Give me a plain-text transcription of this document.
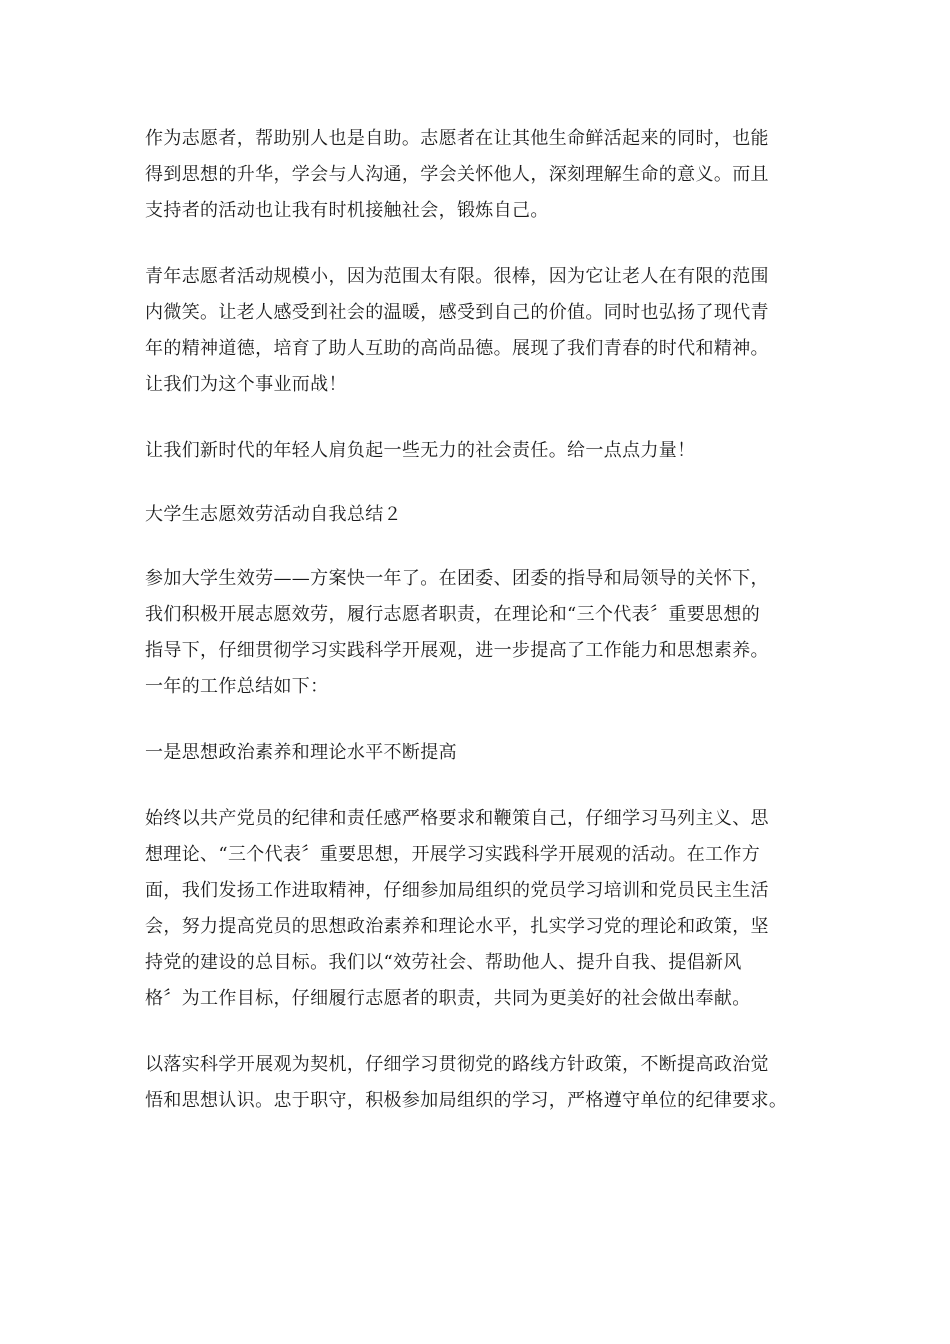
作为志愿者，帮助别人也是自助。志愿者在让其他生命鲜活起来的同时，也能
得到思想的升华，学会与人沟通，学会关怀他人，深刻理解生命的意义。而且
支持者的活动也让我有时机接触社会，锻炼自己。
青年志愿者活动规模小，因为范围太有限。很棒，因为它让老人在有限的范围
内微笑。让老人感受到社会的温暖，感受到自己的价值。同时也弘扬了现代青
年的精神道德，培育了助人互助的高尚品德。展现了我们青春的时代和精神。
让我们为这个事业而战！
让我们新时代的年轻人肩负起一些无力的社会责任。给一点点力量！
大学生志愿效劳活动自我总结２
参加大学生效劳——方案快一年了。在团委、团委的指导和局领导的关怀下，
我们积极开展志愿效劳，履行志愿者职责，在理论和“三个代表〞重要思想的
指导下，仔细贯彻学习实践科学开展观，进一步提高了工作能力和思想素养。
一年的工作总结如下：
一是思想政治素养和理论水平不断提高
始终以共产党员的纪律和责任感严格要求和鞭策自己，仔细学习马列主义、思
想理论、“三个代表〞重要思想，开展学习实践科学开展观的活动。在工作方
面，我们发扬工作进取精神，仔细参加局组织的党员学习培训和党员民主生活
会，努力提高党员的思想政治素养和理论水平，扎实学习党的理论和政策，坚
持党的建设的总目标。我们以“效劳社会、帮助他人、提升自我、提倡新风
格〞为工作目标，仔细履行志愿者的职责，共同为更美好的社会做出奉献。
以落实科学开展观为契机，仔细学习贯彻党的路线方针政策，不断提高政治觉
悟和思想认识。忠于职守，积极参加局组织的学习，严格遵守单位的纪律要求。
